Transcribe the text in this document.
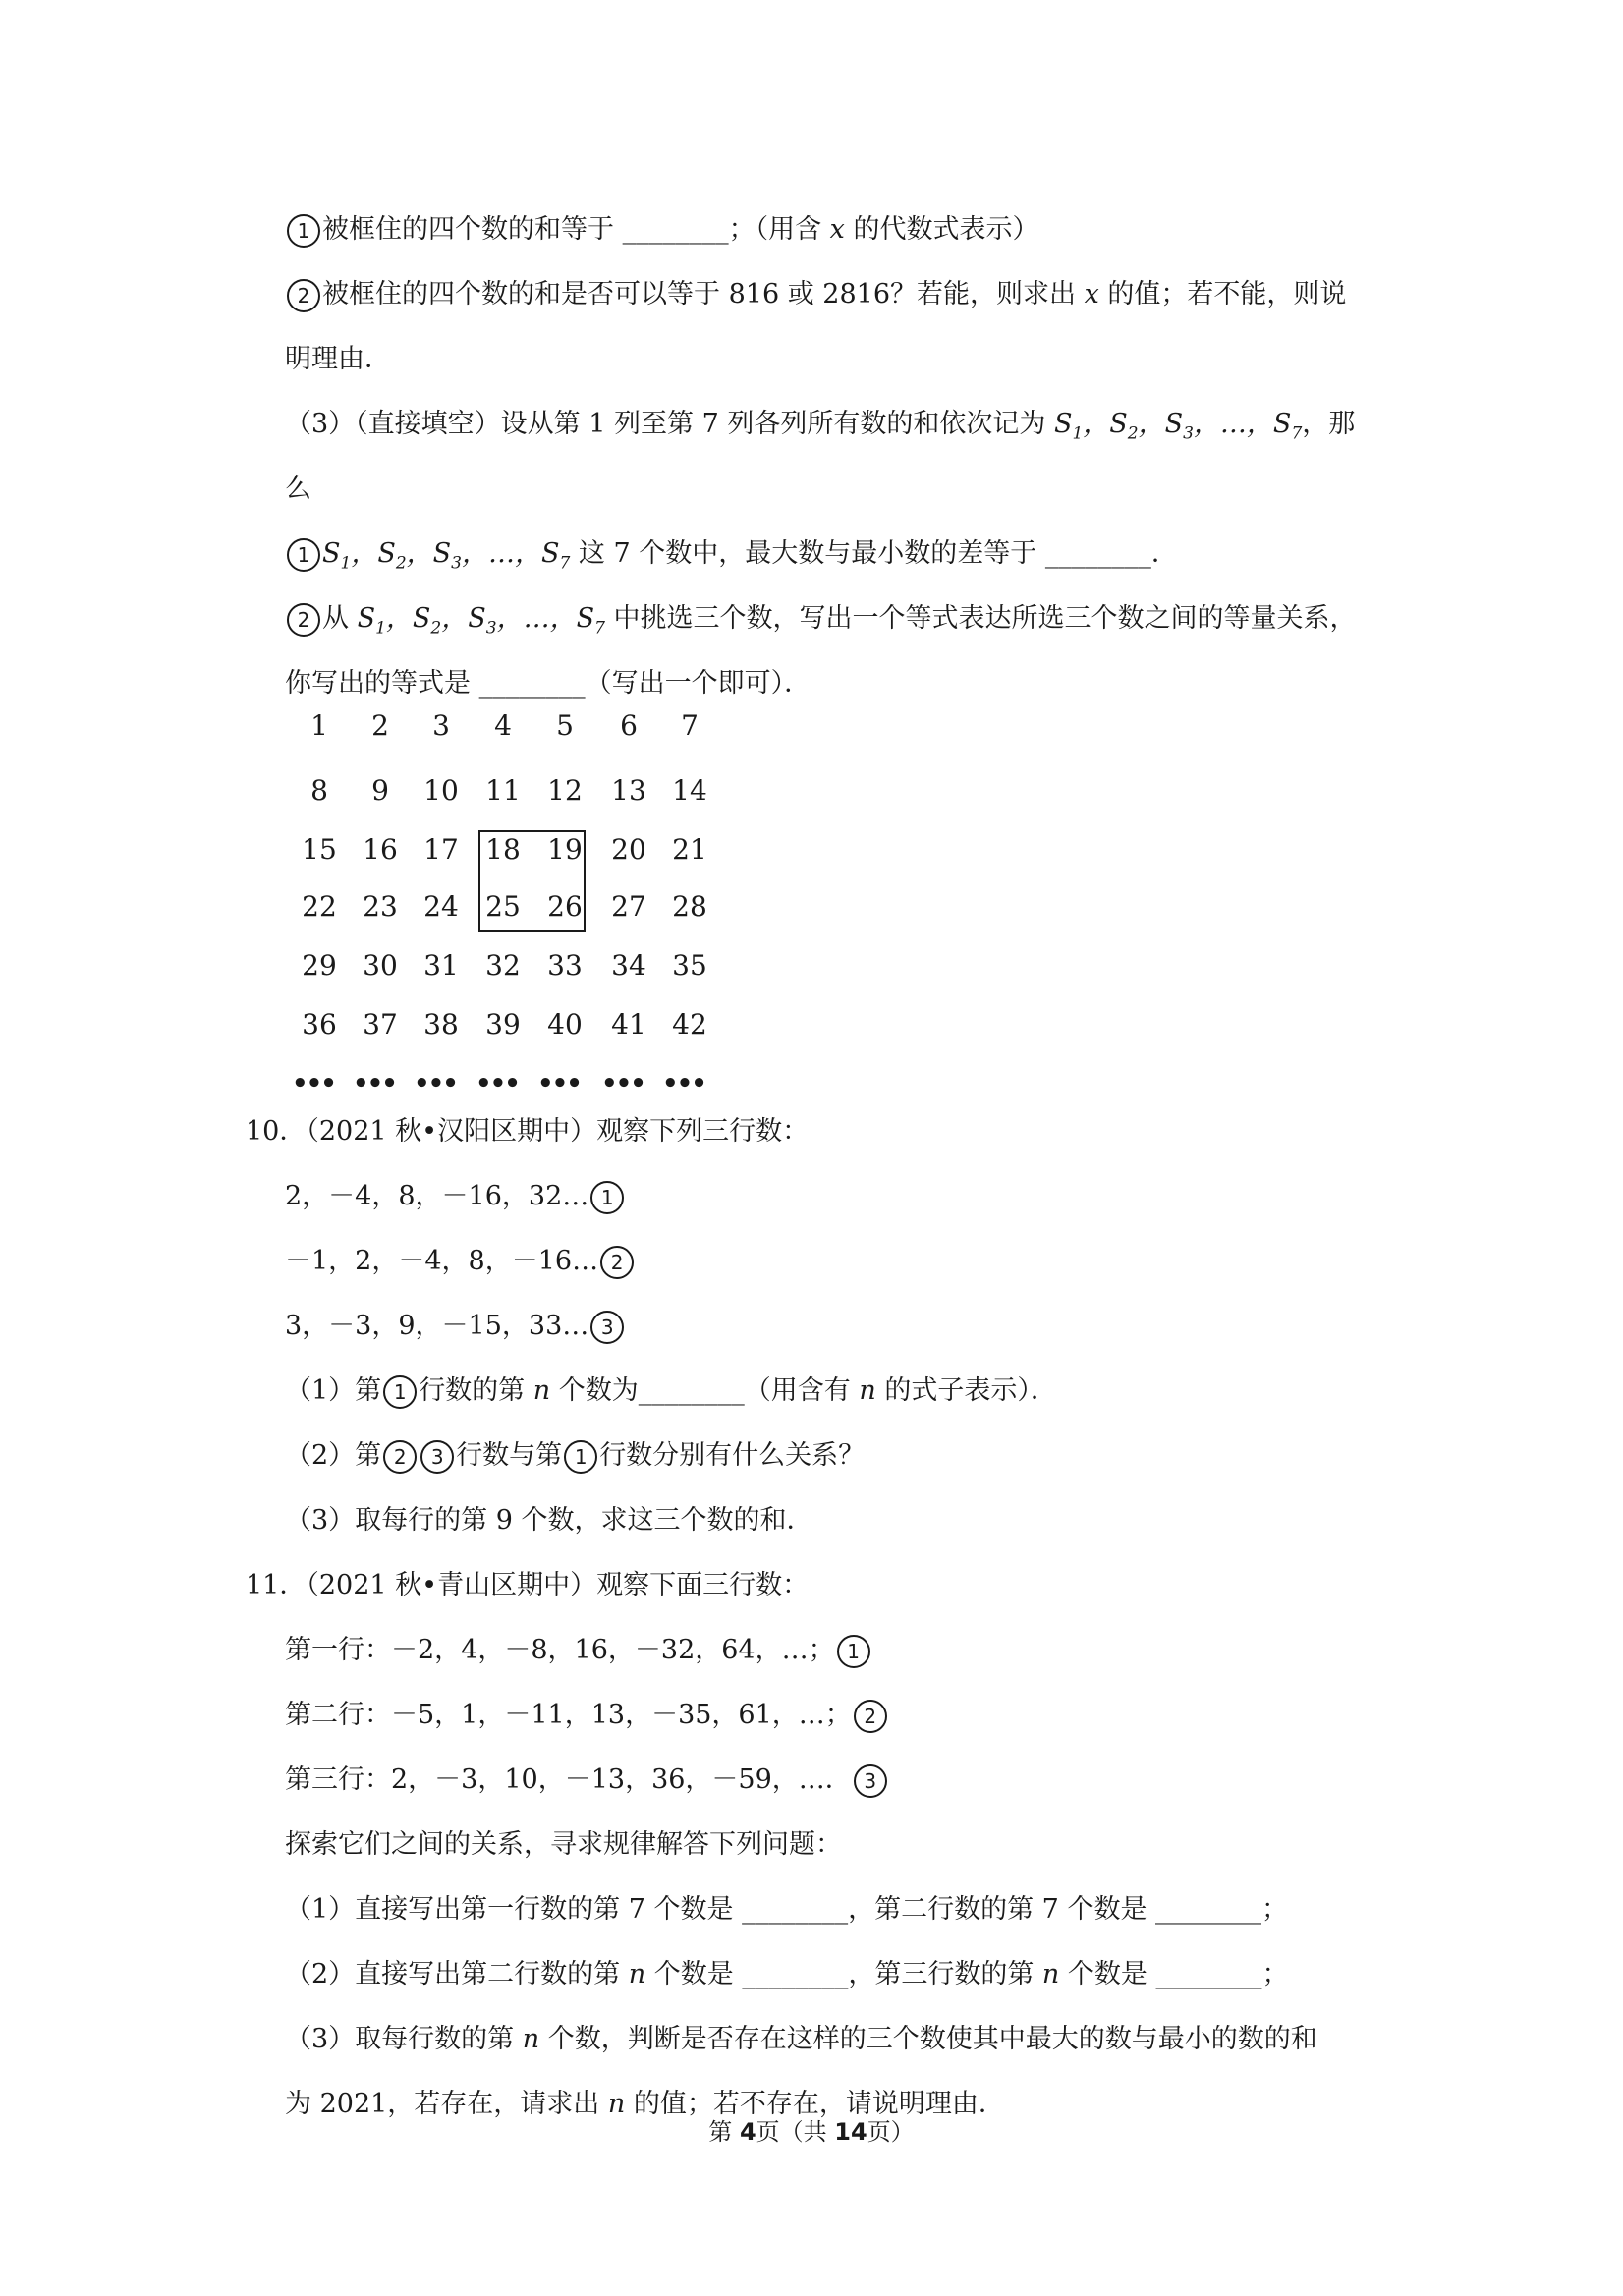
1 被框住的四个数的和等于 ________；（用含 x 的代数式表示）
2 被框住的四个数的和是否可以等于 816 或 2816？若能，则求出 x 的值；若不能，则说
明理由．
（3）（直接填空）设从第 1 列至第 7 列各列所有数的和依次记为 $S_1$，$S_2$，$S_3$，…，$S_7$，那
么
1 $S_1$，$S_2$，$S_3$，…，$S_7$ 这 7 个数中，最大数与最小数的差等于 ________．
2 从 $S_1$，$S_2$，$S_3$，…，$S_7$ 中挑选三个数，写出一个等式表达所选三个数之间的等量关系，
你写出的等式是 ________（写出一个即可）．
1	2	3	4	5	6	7
8	9	10 11 12	13 14
15 16 17 18 19	20 21
22 23 24 25 26	27 28
29 30 31 32 33	34 35
36 37 38 39 40	41 42
••• ••• ••• ••• ••• ••• •••
10．（2021 秋•汉阳区期中）观察下列三行数：
2，－4，8，－16，32… 1
－1，2，－4，8，－16… 2
3，－3，9，－15，33… 3
（1）第 1 行数的第 n 个数为________（用含有 n 的式子表示）．
（2）第 2 3 行数与第 1 行数分别有什么关系？
（3）取每行的第 9 个数，求这三个数的和．
11．（2021 秋•青山区期中）观察下面三行数：
第一行：－2，4，－8，16，－32，64，…； 1
第二行：－5，1，－11，13，－35，61，…； 2
第三行：2，－3，10，－13，36，－59，…． 3
探索它们之间的关系，寻求规律解答下列问题：
（1）直接写出第一行数的第 7 个数是 ________，第二行数的第 7 个数是 ________；
（2）直接写出第二行数的第 n 个数是 ________，第三行数的第 n 个数是 ________；
（3）取每行数的第 n 个数，判断是否存在这样的三个数使其中最大的数与最小的数的和
为 2021，若存在，请求出 n 的值；若不存在，请说明理由．
第 4页（共 14页）
